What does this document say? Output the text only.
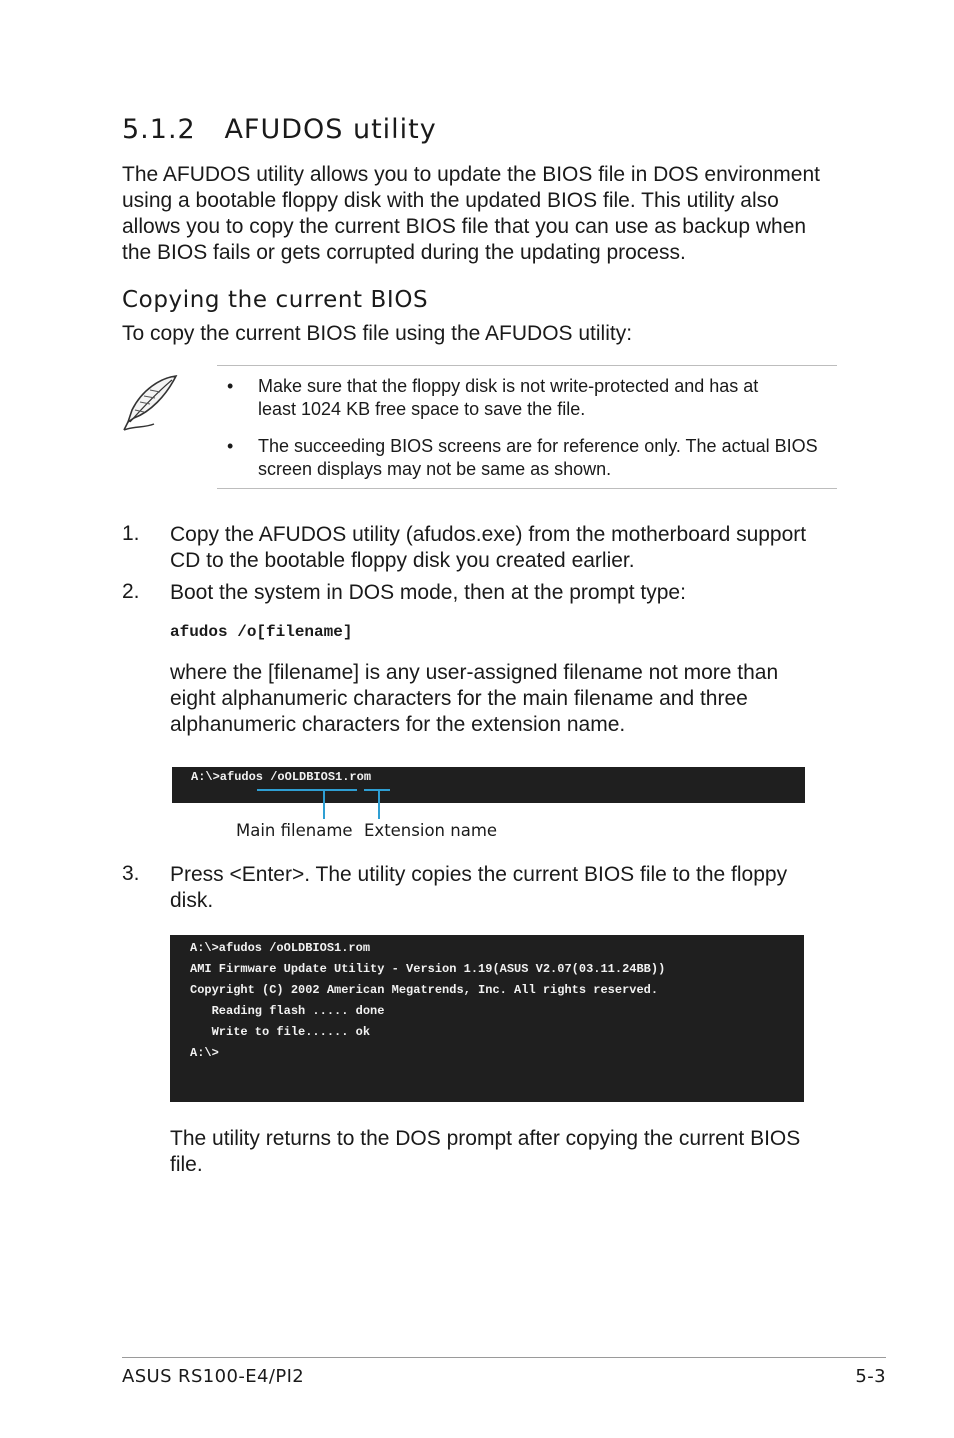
5.1.2   AFUDOS utility
The AFUDOS utility allows you to update the BIOS file in DOS environment
using a bootable floppy disk with the updated BIOS file. This utility also
allows you to copy the current BIOS file that you can use as backup when
the BIOS fails or gets corrupted during the updating process.
Copying the current BIOS
To copy the current BIOS file using the AFUDOS utility:
• Make sure that the floppy disk is not write-protected and has at
least 1024 KB free space to save the file.
• The succeeding BIOS screens are for reference only. The actual BIOS
screen displays may not be same as shown.
1. Copy the AFUDOS utility (afudos.exe) from the motherboard support
CD to the bootable floppy disk you created earlier.
2. Boot the system in DOS mode, then at the prompt type:
afudos /o[filename]
where the [filename] is any user-assigned filename not more than
eight alphanumeric characters for the main filename and three
alphanumeric characters for the extension name.
A:\>afudos /oOLDBIOS1.rom
Main filename Extension name
3. Press <Enter>. The utility copies the current BIOS file to the floppy
disk.
A:\>afudos /oOLDBIOS1.rom
AMI Firmware Update Utility - Version 1.19(ASUS V2.07(03.11.24BB))
Copyright (C) 2002 American Megatrends, Inc. All rights reserved.
Reading flash ..... done
Write to file...... ok
A:\>
The utility returns to the DOS prompt after copying the current BIOS
file.
ASUS RS100-E4/PI2	5-3
